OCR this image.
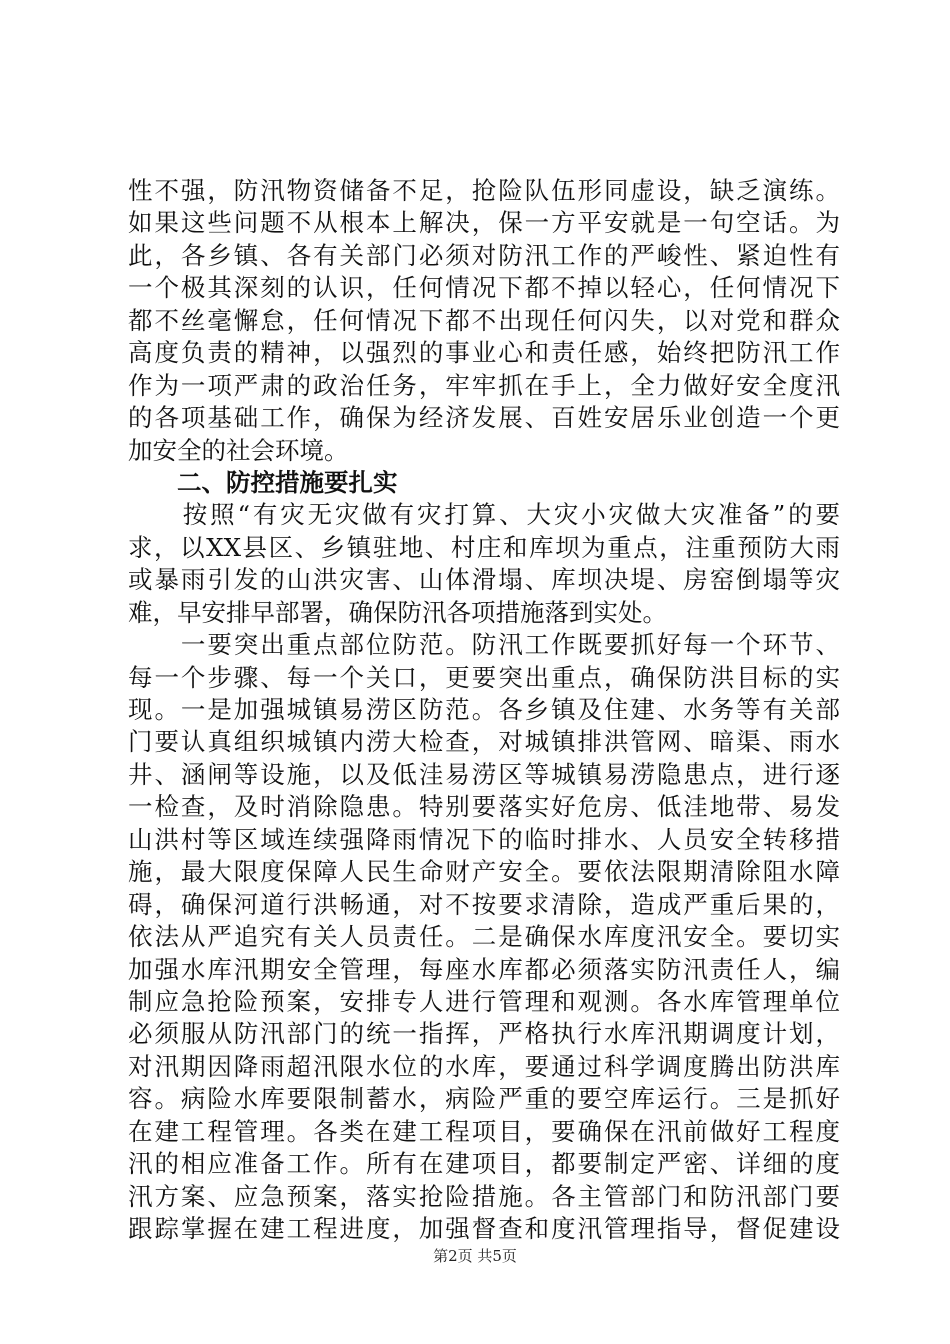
性不强，防汛物资储备不足，抢险队伍形同虚设，缺乏演练。
如果这些问题不从根本上解决，保一方平安就是一句空话。为
此，各乡镇、各有关部门必须对防汛工作的严峻性、紧迫性有
一个极其深刻的认识，任何情况下都不掉以轻心，任何情况下
都不丝毫懈怠，任何情况下都不出现任何闪失，以对党和群众
高度负责的精神，以强烈的事业心和责任感，始终把防汛工作
作为一项严肃的政治任务，牢牢抓在手上，全力做好安全度汛
的各项基础工作，确保为经济发展、百姓安居乐业创造一个更
加安全的社会环境。
二、防控措施要扎实
　　按照“有灾无灾做有灾打算、大灾小灾做大灾准备”的要
求，以XX县区、乡镇驻地、村庄和库坝为重点，注重预防大雨
或暴雨引发的山洪灾害、山体滑塌、库坝决堤、房窑倒塌等灾
难，早安排早部署，确保防汛各项措施落到实处。
　　一要突出重点部位防范。防汛工作既要抓好每一个环节、
每一个步骤、每一个关口，更要突出重点，确保防洪目标的实
现。一是加强城镇易涝区防范。各乡镇及住建、水务等有关部
门要认真组织城镇内涝大检查，对城镇排洪管网、暗渠、雨水
井、涵闸等设施，以及低洼易涝区等城镇易涝隐患点，进行逐
一检查，及时消除隐患。特别要落实好危房、低洼地带、易发
山洪村等区域连续强降雨情况下的临时排水、人员安全转移措
施，最大限度保障人民生命财产安全。要依法限期清除阻水障
碍，确保河道行洪畅通，对不按要求清除，造成严重后果的，
依法从严追究有关人员责任。二是确保水库度汛安全。要切实
加强水库汛期安全管理，每座水库都必须落实防汛责任人，编
制应急抢险预案，安排专人进行管理和观测。各水库管理单位
必须服从防汛部门的统一指挥，严格执行水库汛期调度计划，
对汛期因降雨超汛限水位的水库，要通过科学调度腾出防洪库
容。病险水库要限制蓄水，病险严重的要空库运行。三是抓好
在建工程管理。各类在建工程项目，要确保在汛前做好工程度
汛的相应准备工作。所有在建项目，都要制定严密、详细的度
汛方案、应急预案，落实抢险措施。各主管部门和防汛部门要
跟踪掌握在建工程进度，加强督查和度汛管理指导，督促建设
第2页 共5页
